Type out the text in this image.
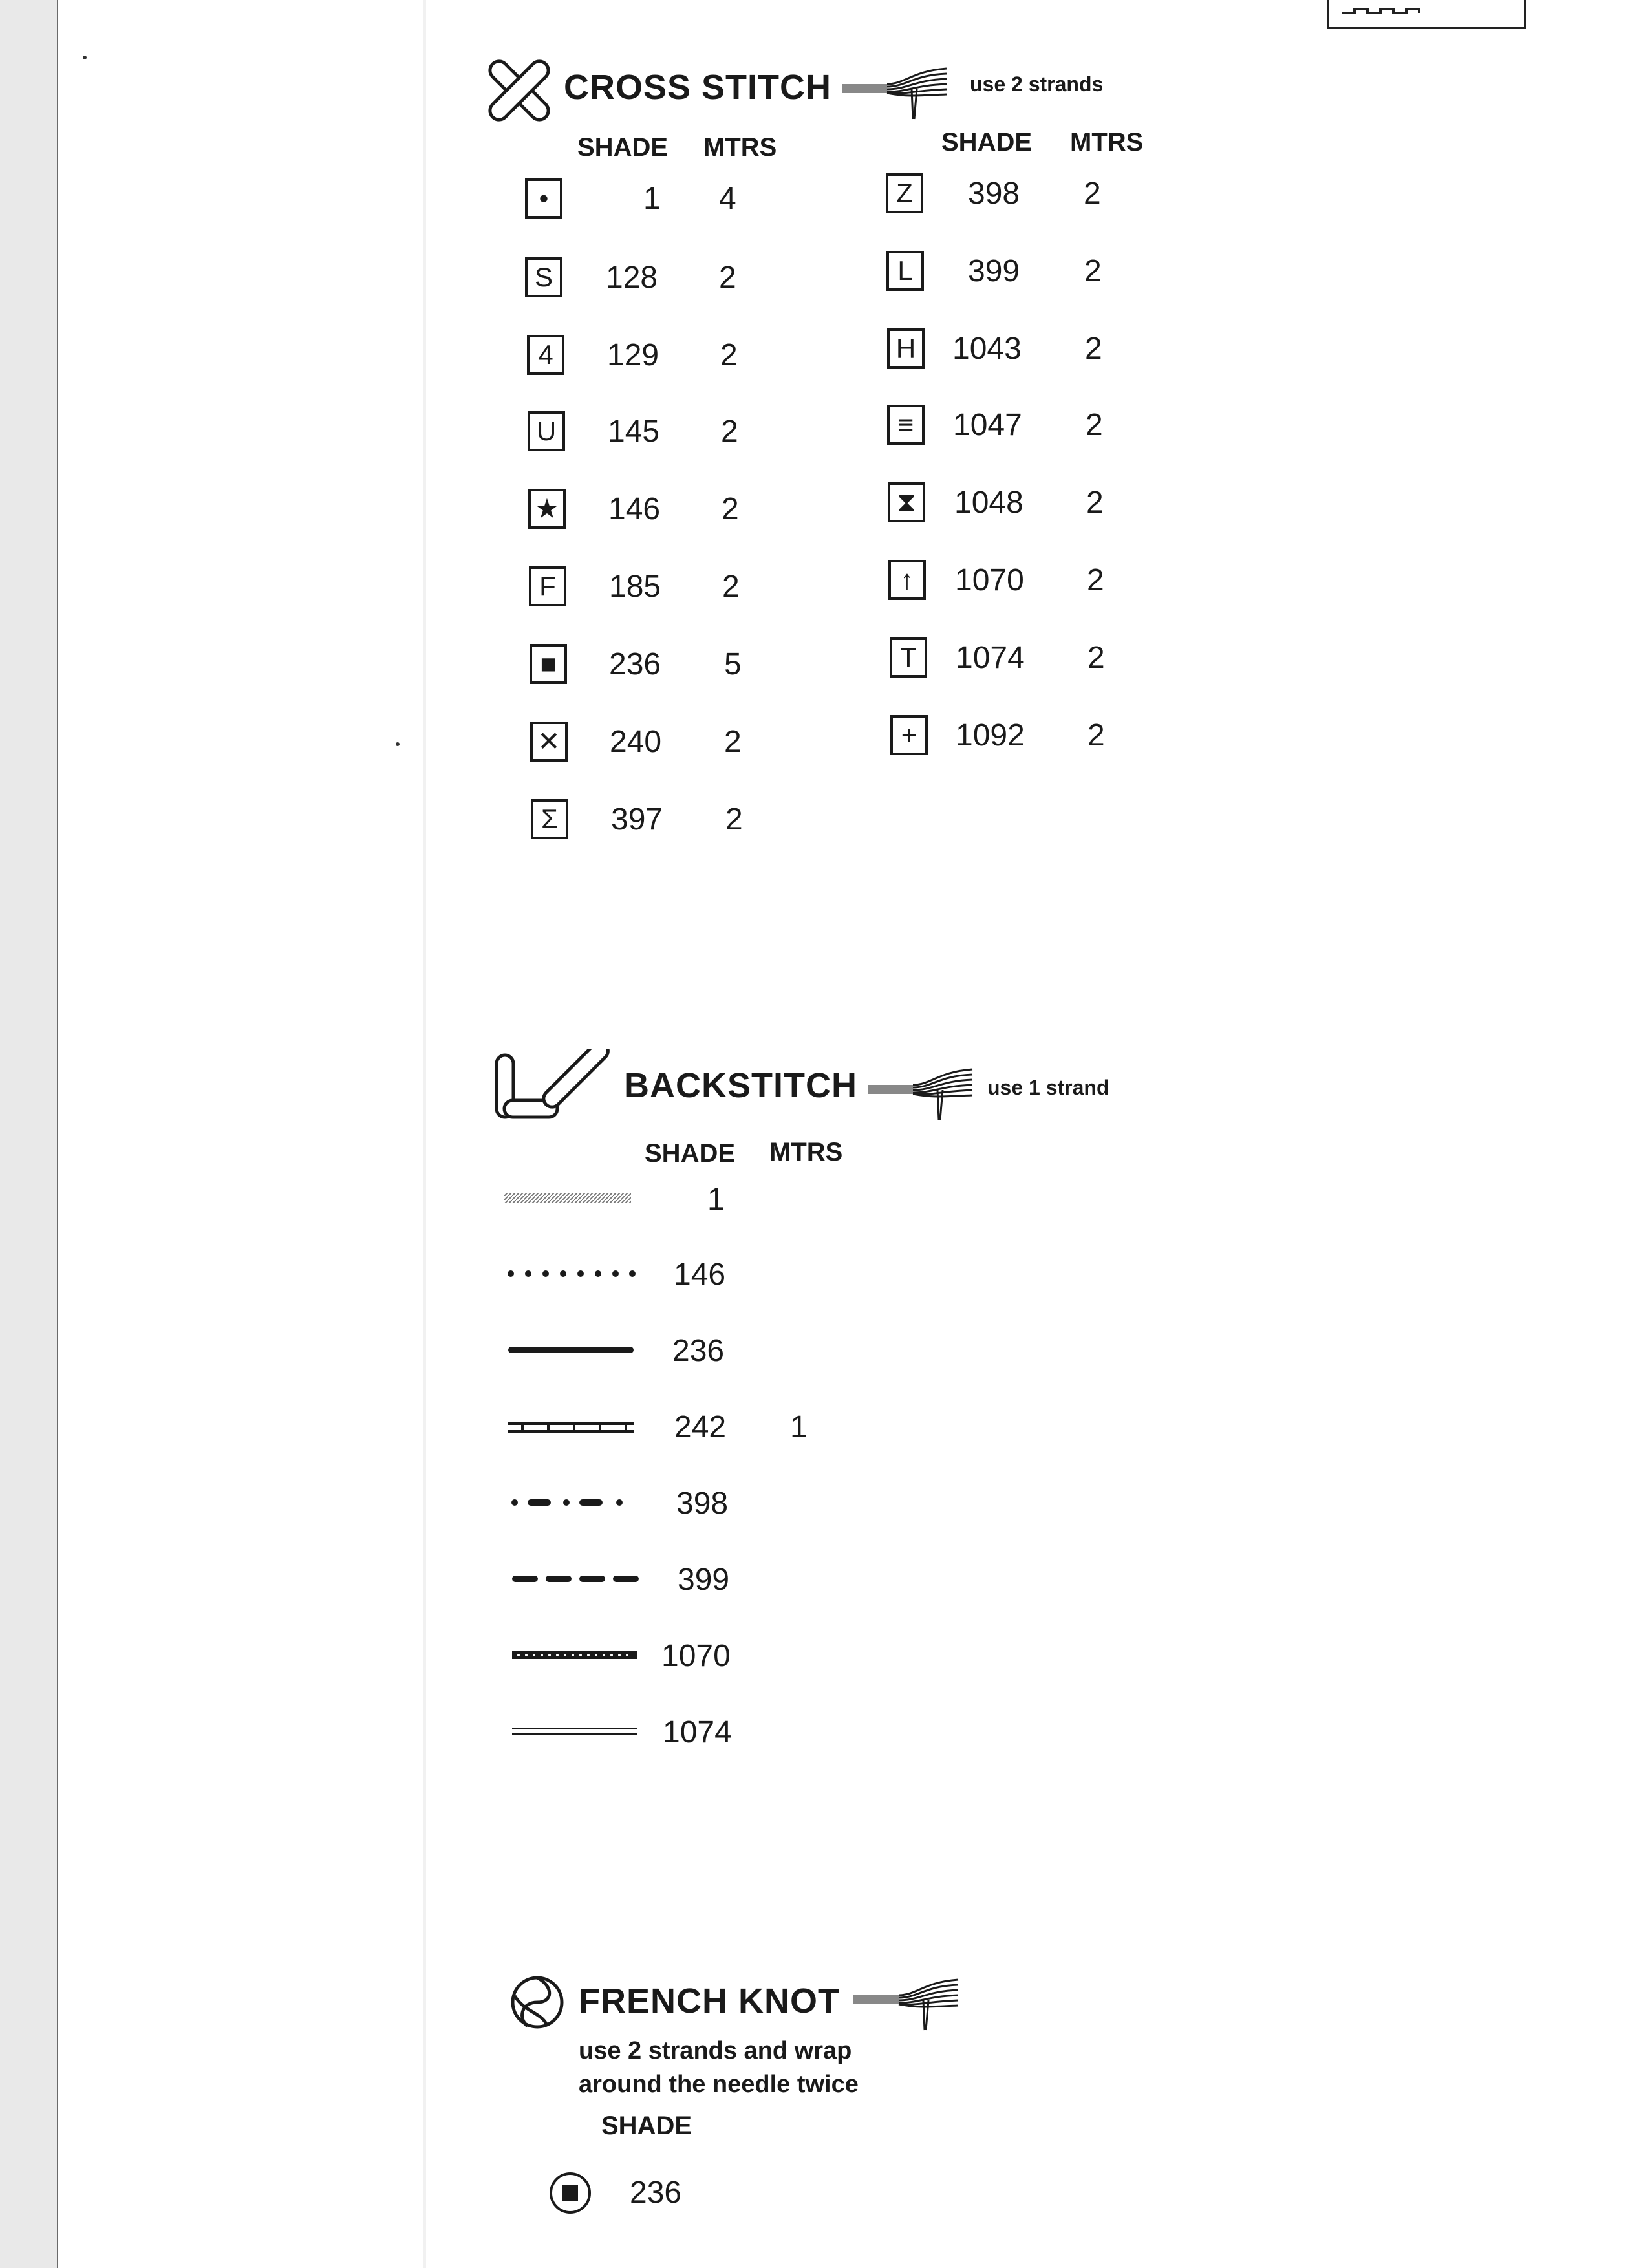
CROSS STITCH	use 2 strands
SHADE MTRS	SHADE MTRS
•	1 4
S	128 2
4	129 2
U 145 2
★ 146 2
F	185 2
■	236 5
✕ 240 2
Σ	397 2
Z	398 2
L	399 2
H 1043 2
≡	1047 2
⧗ 1048 2
↑	1070 2
T	1074 2
+	1092 2
BACKSTITCH	use 1 strand
SHADE MTRS
1
146
236
242 1
398
399
1070
1074
FRENCH KNOT
use 2 strands and wrap
around the needle twice
SHADE
236
